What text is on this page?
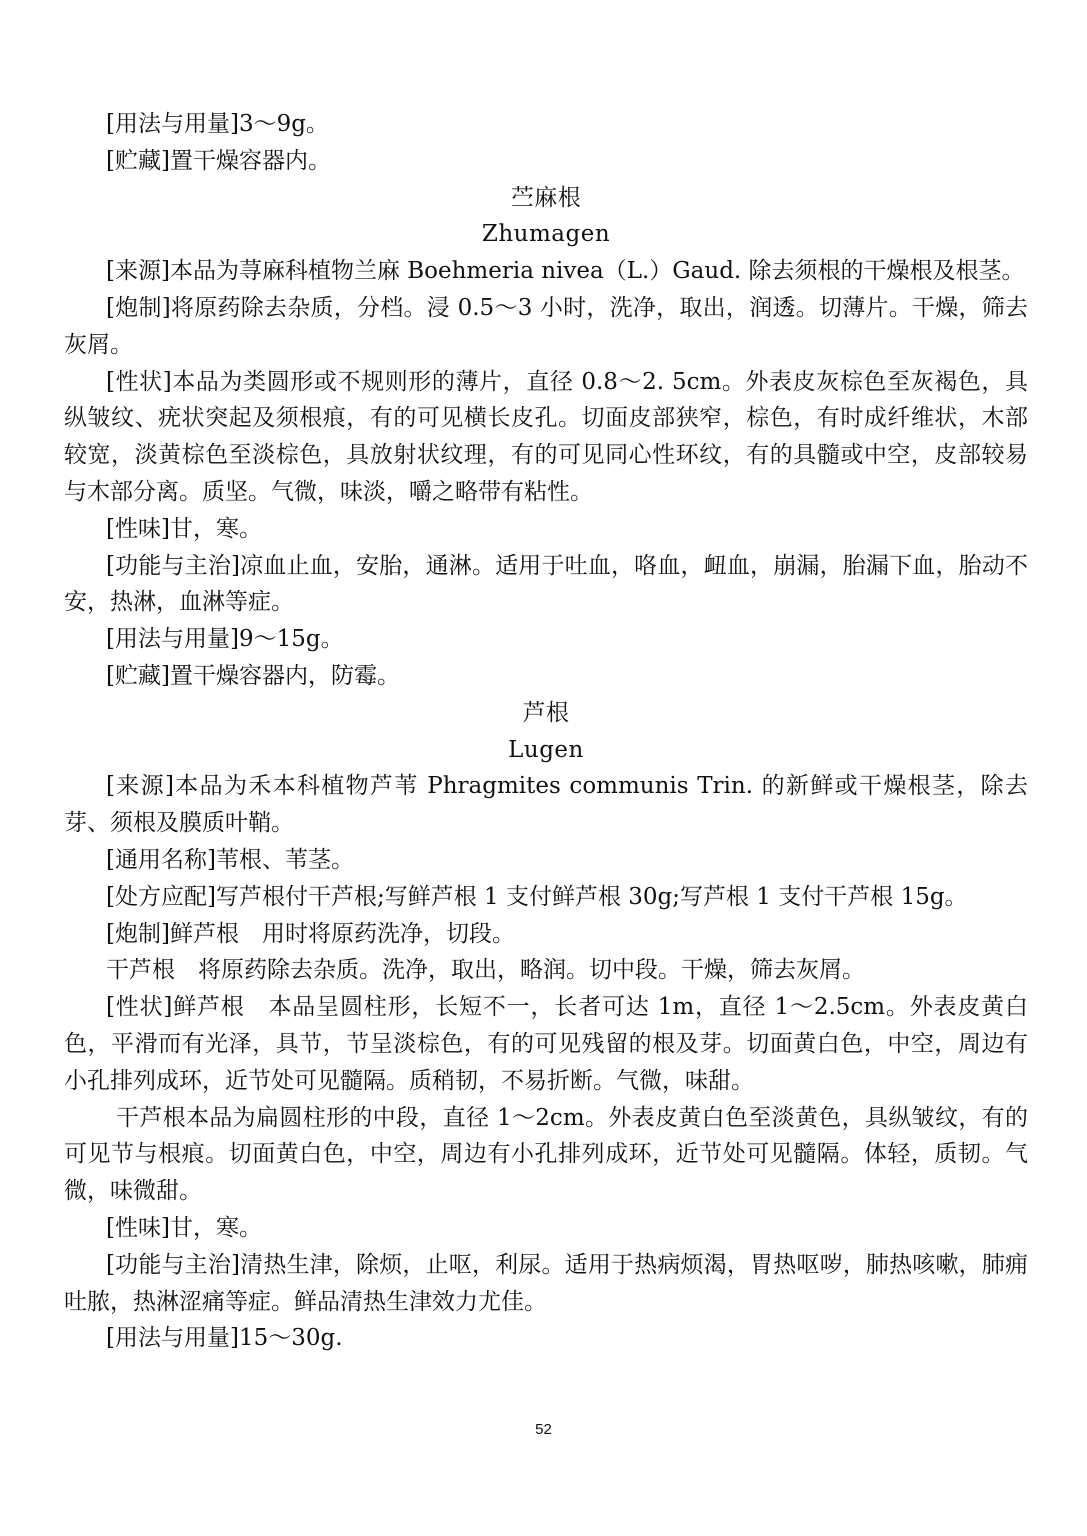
[用法与用量]3～9g。

[贮藏]置干燥容器内。

苎麻根
Zhumagen

[来源]本品为荨麻科植物兰麻 Boehmeria nivea（L.）Gaud. 除去须根的干燥根及根茎。

[炮制]将原药除去杂质，分档。浸 0.5～3 小时，洗净，取出，润透。切薄片。干燥，筛去灰屑。

[性状]本品为类圆形或不规则形的薄片，直径 0.8～2. 5cm。外表皮灰棕色至灰褐色，具纵皱纹、疣状突起及须根痕，有的可见横长皮孔。切面皮部狭窄，棕色，有时成纤维状，木部较宽，淡黄棕色至淡棕色，具放射状纹理，有的可见同心性环纹，有的具髓或中空，皮部较易与木部分离。质坚。气微，味淡，嚼之略带有粘性。

[性味]甘，寒。

[功能与主治]凉血止血，安胎，通淋。适用于吐血，咯血，衄血，崩漏，胎漏下血，胎动不安，热淋，血淋等症。

[用法与用量]9～15g。

[贮藏]置干燥容器内，防霉。

芦根
Lugen

[来源]本品为禾本科植物芦苇 Phragmites communis Trin. 的新鲜或干燥根茎，除去芽、须根及膜质叶鞘。

[通用名称]苇根、苇茎。

[处方应配]写芦根付干芦根;写鲜芦根 1 支付鲜芦根 30g;写芦根 1 支付干芦根 15g。

[炮制]鲜芦根　用时将原药洗净，切段。

干芦根　将原药除去杂质。洗净，取出，略润。切中段。干燥，筛去灰屑。

[性状]鲜芦根　本品呈圆柱形，长短不一，长者可达 1m，直径 1～2.5cm。外表皮黄白色，平滑而有光泽，具节，节呈淡棕色，有的可见残留的根及芽。切面黄白色，中空，周边有小孔排列成环，近节处可见髓隔。质稍韧，不易折断。气微，味甜。

干芦根本品为扁圆柱形的中段，直径 1～2cm。外表皮黄白色至淡黄色，具纵皱纹，有的可见节与根痕。切面黄白色，中空，周边有小孔排列成环，近节处可见髓隔。体轻，质韧。气微，味微甜。

[性味]甘，寒。

[功能与主治]清热生津，除烦，止呕，利尿。适用于热病烦渴，胃热呕哕，肺热咳嗽，肺痈吐脓，热淋涩痛等症。鲜品清热生津效力尤佳。

[用法与用量]15～30g.

52
